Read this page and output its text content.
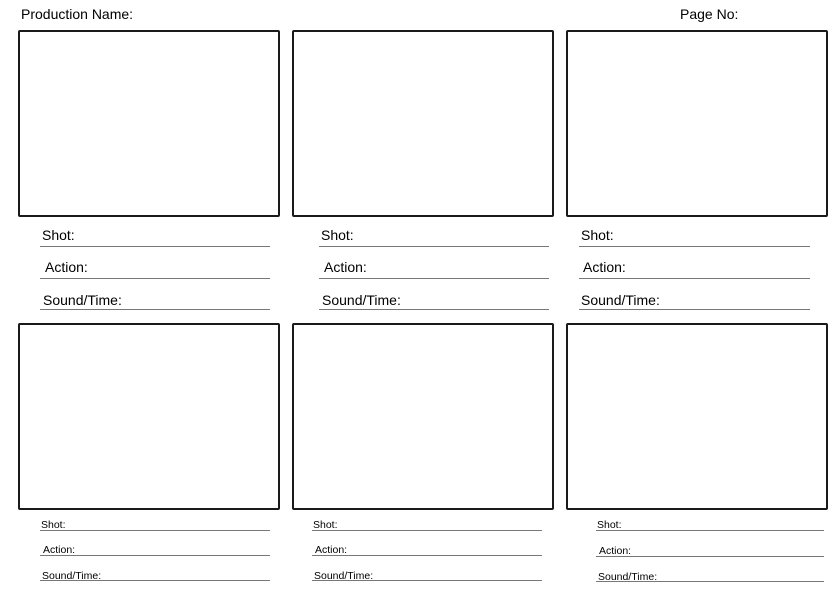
Production Name:	Page No:
Shot:
Action:
Sound/Time:
Shot:
Action:
Sound/Time:
Shot:
Action:
Sound/Time:
Shot:
Action:
Sound/Time:
Shot:
Action:
Sound/Time:
Shot:
Action:
Sound/Time:
